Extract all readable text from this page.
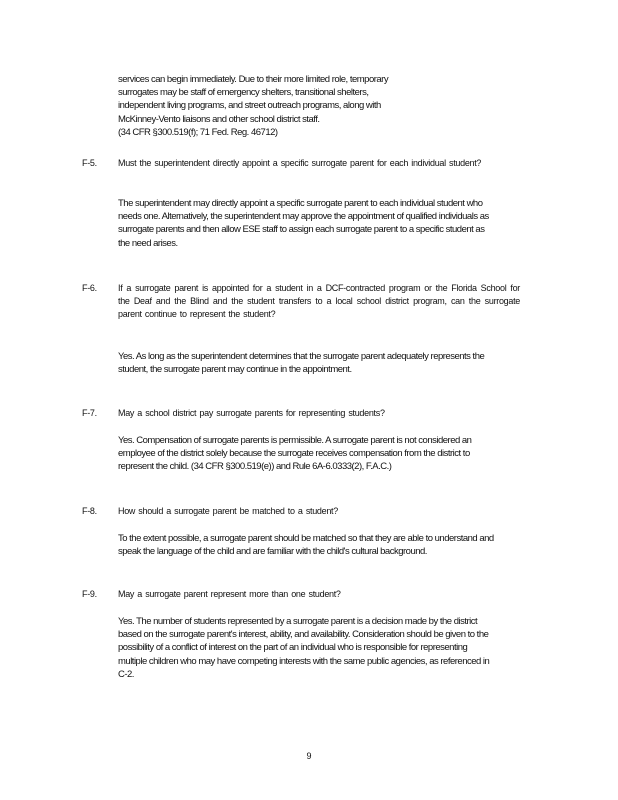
services can begin immediately. Due to their more limited role, temporary

surrogates may be staff of emergency shelters, transitional shelters,

independent living programs, and street outreach programs, along with

McKinney-Vento liaisons and other school district staff.

(34 CFR §300.519(f); 71 Fed. Reg. 46712)

F-5. Must the superintendent directly appoint a specific surrogate parent for each individual student?
The superintendent may directly appoint a specific surrogate parent to each individual student who needs one. Alternatively, the superintendent may approve the appointment of qualified individuals as surrogate parents and then allow ESE staff to assign each surrogate parent to a specific student as the need arises.
F-6. If a surrogate parent is appointed for a student in a DCF-contracted program or the Florida School for the Deaf and the Blind and the student transfers to a local school district program, can the surrogate parent continue to represent the student?
Yes. As long as the superintendent determines that the surrogate parent adequately represents the student, the surrogate parent may continue in the appointment.
F-7. May a school district pay surrogate parents for representing students?
Yes. Compensation of surrogate parents is permissible. A surrogate parent is not considered an employee of the district solely because the surrogate receives compensation from the district to represent the child. (34 CFR §300.519(e)) and Rule 6A-6.0333(2), F.A.C.)
F-8. How should a surrogate parent be matched to a student?
To the extent possible, a surrogate parent should be matched so that they are able to understand and speak the language of the child and are familiar with the child's cultural background.
F-9. May a surrogate parent represent more than one student?
Yes. The number of students represented by a surrogate parent is a decision made by the district based on the surrogate parent's interest, ability, and availability. Consideration should be given to the possibility of a conflict of interest on the part of an individual who is responsible for representing multiple children who may have competing interests with the same public agencies, as referenced in C-2.
9
